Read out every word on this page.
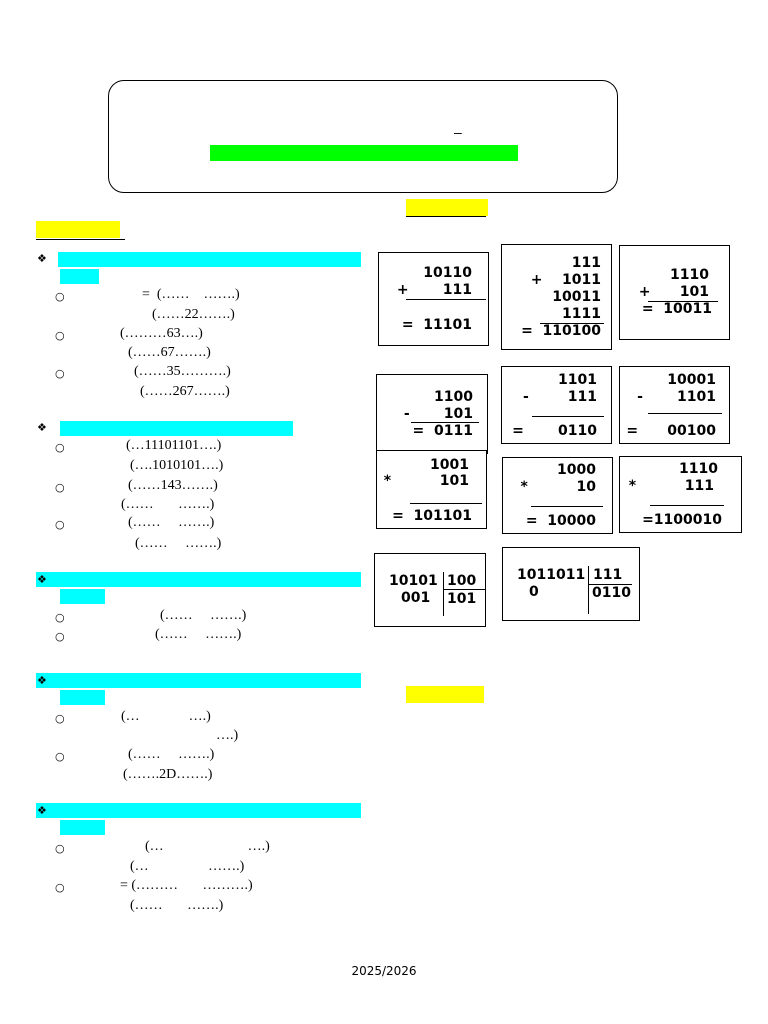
–
❖
○	=  (……    …….)
(……22…….)
○	(………63….)
(……67…….)
○	(……35……….)
(……267…….)
❖
○	(…11101101….)
(….1010101….)
○	(……143…….)
(……       …….)
○	(……     …….)
(……     …….)
❖
○	(……     …….)
○	(……     …….)
❖
○	(…              ….)
….)
○	(……     …….)
(…….2D…….)
❖
○	(…                        ….)
(…                 …….)
○	= (………       ……….)
(……       …….)
10110
+       111
=  11101
111
+    1011
10011
1111
=  110100
1110
+      101
=  10011
1100
-       101
=  0111
1101
-        111
=       0110
10001
-       1101
=      00100
1001
*          101
=  101101
1000
*          10
=  10000
1110
*          111
=1100010
10101
001
100
101
1011011
0
111
0110
2025/2026
